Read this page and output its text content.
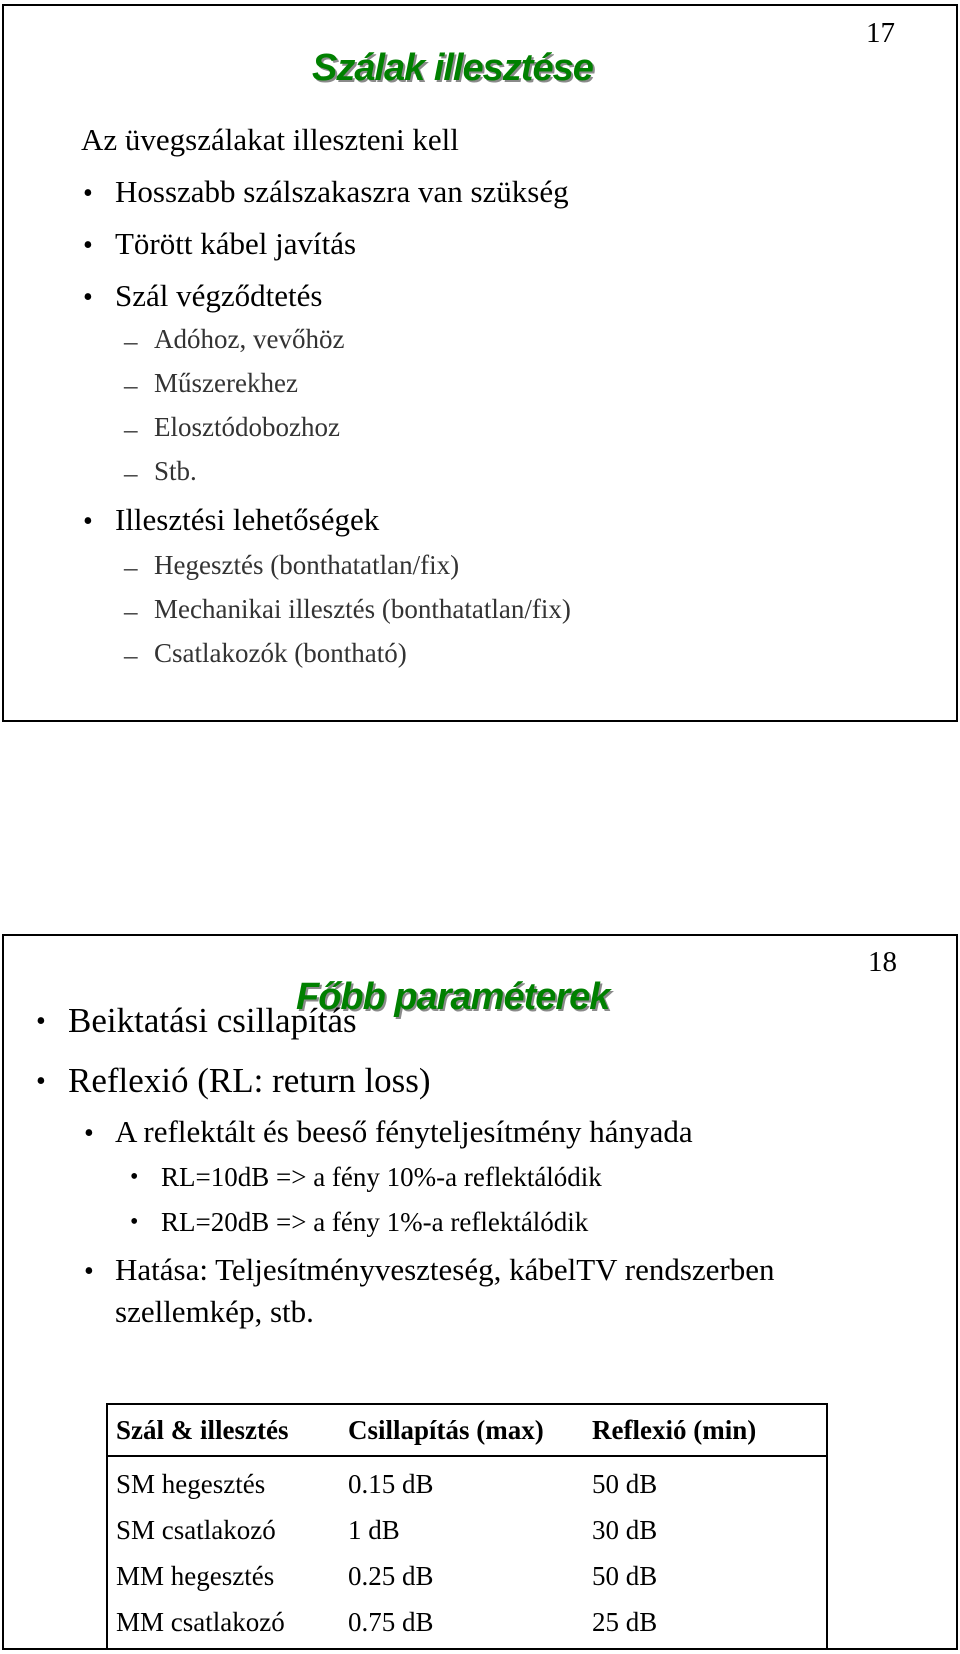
17
Szálak illesztése
Az üvegszálakat illeszteni kell
• Hosszabb szálszakaszra van szükség
• Törött kábel javítás
• Szál végződtetés
– Adóhoz, vevőhöz
– Műszerekhez
– Elosztódobozhoz
– Stb.
• Illesztési lehetőségek
– Hegesztés (bonthatatlan/fix)
– Mechanikai illesztés (bonthatatlan/fix)
– Csatlakozók (bontható)
18
Főbb paraméterek
• Beiktatási csillapítás
• Reflexió (RL: return loss)
• A reflektált és beeső fényteljesítmény hányada
• RL=10dB => a fény 10%-a reflektálódik
• RL=20dB => a fény 1%-a reflektálódik
• Hatása: Teljesítményveszteség, kábelTV rendszerben
szellemkép, stb.
Szál & illesztés	Csillapítás (max)	Reflexió (min)
SM hegesztés	0.15 dB	50 dB
SM csatlakozó	1 dB	30 dB
MM hegesztés	0.25 dB	50 dB
MM csatlakozó	0.75 dB	25 dB
